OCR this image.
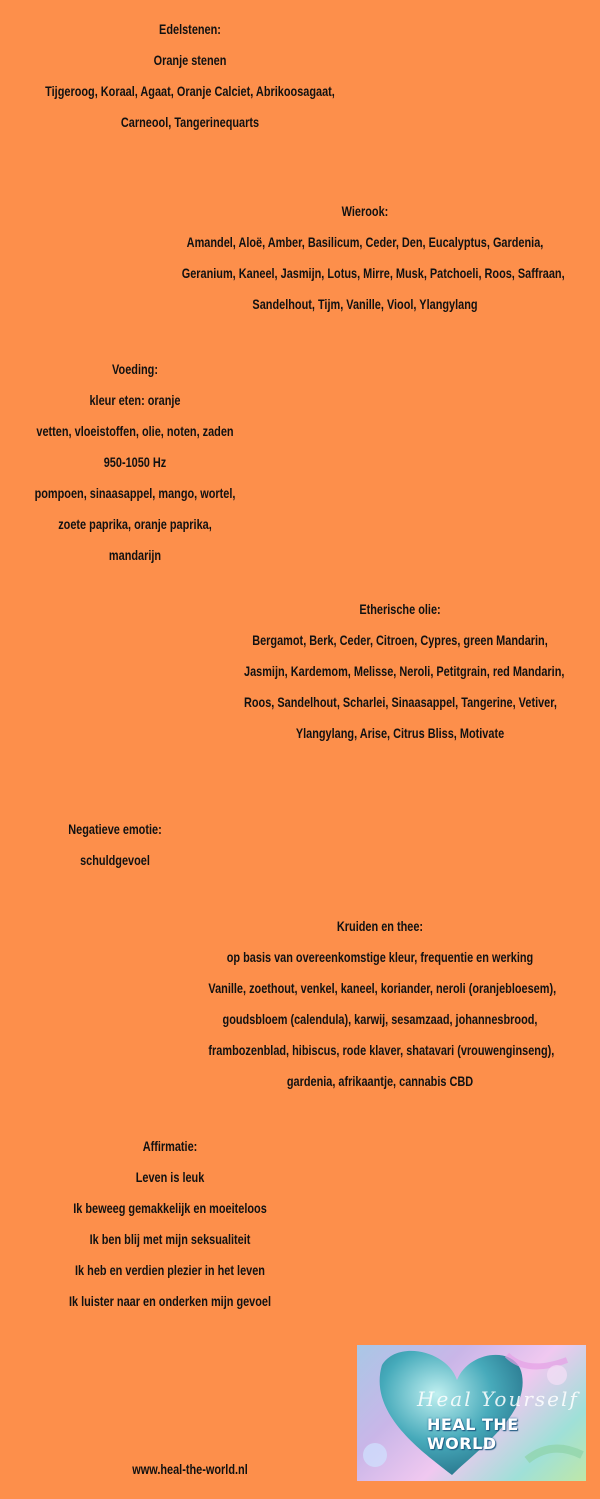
Edelstenen:
Oranje stenen
Tijgeroog, Koraal, Agaat, Oranje Calciet, Abrikoosagaat,
Carneool, Tangerinequarts
Wierook:
Amandel, Aloë, Amber, Basilicum, Ceder, Den, Eucalyptus, Gardenia,
Geranium, Kaneel, Jasmijn, Lotus, Mirre, Musk, Patchoeli, Roos, Saffraan,
Sandelhout, Tijm, Vanille, Viool, Ylangylang
Voeding:
kleur eten: oranje
vetten, vloeistoffen, olie, noten, zaden
950-1050 Hz
pompoen, sinaasappel, mango, wortel,
zoete paprika, oranje paprika,
mandarijn
Etherische olie:
Bergamot, Berk, Ceder, Citroen, Cypres, green Mandarin,
Jasmijn, Kardemom, Melisse, Neroli, Petitgrain, red Mandarin,
Roos, Sandelhout, Scharlei, Sinaasappel, Tangerine, Vetiver,
Ylangylang, Arise, Citrus Bliss, Motivate
Negatieve emotie:
schuldgevoel
Kruiden en thee:
op basis van overeenkomstige kleur, frequentie en werking
Vanille, zoethout, venkel, kaneel, koriander, neroli (oranjebloesem),
goudsbloem (calendula), karwij, sesamzaad, johannesbrood,
frambozenblad, hibiscus, rode klaver, shatavari (vrouwenginseng),
gardenia, afrikaantje, cannabis CBD
Affirmatie:
Leven is leuk
Ik beweeg gemakkelijk en moeiteloos
Ik ben blij met mijn seksualiteit
Ik heb en verdien plezier in het leven
Ik luister naar en onderken mijn gevoel
Heal Yourself
HEAL THE WORLD
www.heal-the-world.nl
